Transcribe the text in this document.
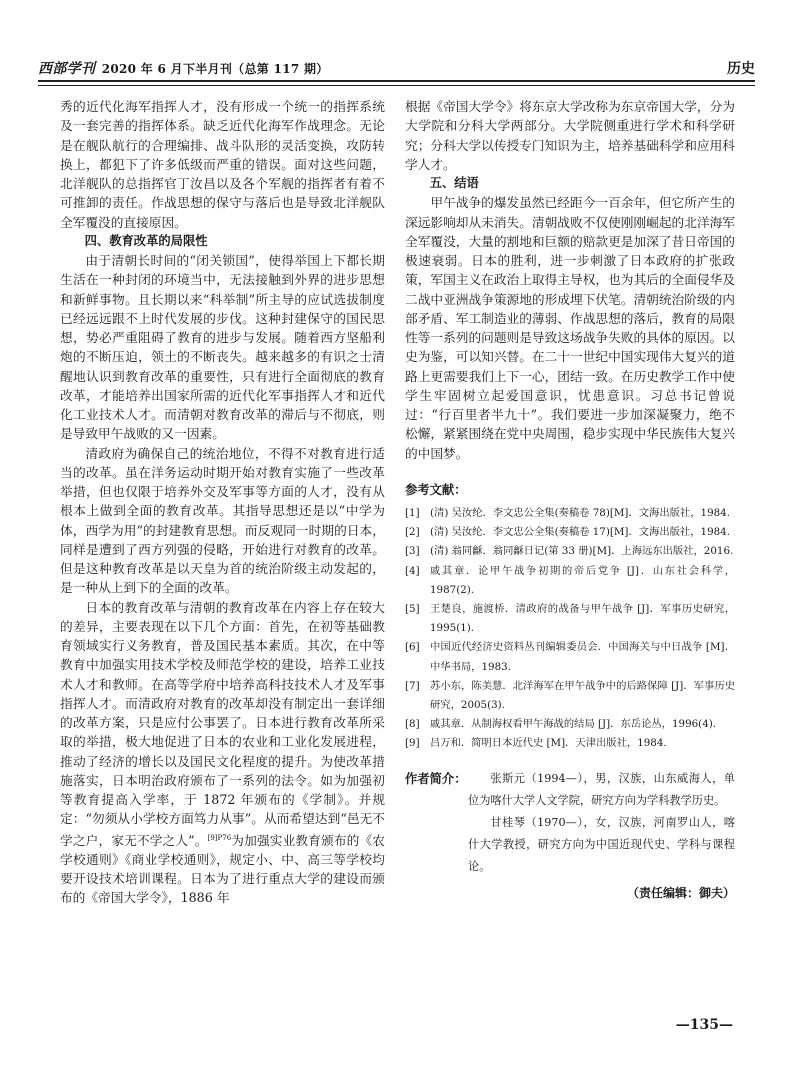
西部学刊 2020 年 6 月下半月刊（总第 117 期）	历史

秀的近代化海军指挥人才，没有形成一个统一的指挥系统及一套完善的指挥体系。缺乏近代化海军作战理念。无论是在舰队航行的合理编排、战斗队形的灵活变换，攻防转换上，都犯下了许多低级而严重的错误。面对这些问题，北洋舰队的总指挥官丁汝昌以及各个军舰的指挥者有着不可推卸的责任。作战思想的保守与落后也是导致北洋舰队全军覆没的直接原因。

四、教育改革的局限性

由于清朝长时间的“闭关锁国”，使得举国上下都长期生活在一种封闭的环境当中，无法接触到外界的进步思想和新鲜事物。且长期以来“科举制”所主导的应试选拔制度已经远远跟不上时代发展的步伐。这种封建保守的国民思想，势必严重阻碍了教育的进步与发展。随着西方坚船利炮的不断压迫，领土的不断丧失。越来越多的有识之士清醒地认识到教育改革的重要性，只有进行全面彻底的教育改革，才能培养出国家所需的近代化军事指挥人才和近代化工业技术人才。而清朝对教育改革的滞后与不彻底，则是导致甲午战败的又一因素。

清政府为确保自己的统治地位，不得不对教育进行适当的改革。虽在洋务运动时期开始对教育实施了一些改革举措，但也仅限于培养外交及军事等方面的人才，没有从根本上做到全面的教育改革。其指导思想还是以“中学为体，西学为用”的封建教育思想。而反观同一时期的日本，同样是遭到了西方列强的侵略，开始进行对教育的改革。但是这种教育改革是以天皇为首的统治阶级主动发起的，是一种从上到下的全面的改革。

日本的教育改革与清朝的教育改革在内容上存在较大的差异，主要表现在以下几个方面：首先，在初等基础教育领域实行义务教育，普及国民基本素质。其次，在中等教育中加强实用技术学校及师范学校的建设，培养工业技术人才和教师。在高等学府中培养高科技技术人才及军事指挥人才。而清政府对教育的改革却没有制定出一套详细的改革方案，只是应付公事罢了。日本进行教育改革所采取的举措，极大地促进了日本的农业和工业化发展进程，推动了经济的增长以及国民文化程度的提升。为使改革措施落实，日本明治政府颁布了一系列的法令。如为加强初等教育提高入学率，于 1872 年颁布的《学制》。并规定：“勿须从小学校方面笃力从事”。从而希望达到“邑无不学之户，家无不学之人”。$^{[9]P76}$为加强实业教育颁布的《农学校通则》《商业学校通则》，规定小、中、高三等学校均要开设技术培训课程。日本为了进行重点大学的建设而颁布的《帝国大学令》，1886 年

根据《帝国大学令》将东京大学改称为东京帝国大学，分为大学院和分科大学两部分。大学院侧重进行学术和科学研究；分科大学以传授专门知识为主，培养基础科学和应用科学人才。

五、结语

甲午战争的爆发虽然已经距今一百余年，但它所产生的深远影响却从未消失。清朝战败不仅使刚刚崛起的北洋海军全军覆没，大量的割地和巨额的赔款更是加深了昔日帝国的极速衰弱。日本的胜利，进一步刺激了日本政府的扩张政策，军国主义在政治上取得主导权，也为其后的全面侵华及二战中亚洲战争策源地的形成埋下伏笔。清朝统治阶级的内部矛盾、军工制造业的薄弱、作战思想的落后，教育的局限性等一系列的问题则是导致这场战争失败的具体的原因。以史为鉴，可以知兴替。在二十一世纪中国实现伟大复兴的道路上更需要我们上下一心，团结一致。在历史教学工作中使学生牢固树立起爱国意识，忧患意识。习总书记曾说过：“行百里者半九十”。我们要进一步加深凝聚力，绝不松懈，紧紧围绕在党中央周围，稳步实现中华民族伟大复兴的中国梦。

参考文献：
[1] (清) 吴汝纶．李文忠公全集(奏稿卷 78)[M]．文海出版社，1984.
[2] (清) 吴汝纶．李文忠公全集(奏稿卷 17)[M]．文海出版社，1984.
[3] (清) 翁同龢．翁同龢日记(第 33 册)[M]．上海远东出版社，2016.
[4] 戚其章．论甲午战争初期的帝后党争 [J]．山东社会科学，1987(2).
[5] 王楚良，施渡桥．清政府的战备与甲午战争 [J]．军事历史研究，1995(1).
[6] 中国近代经济史资料丛刊编辑委员会．中国海关与中日战争 [M]．中华书局，1983.
[7] 苏小东，陈美慧．北洋海军在甲午战争中的后路保障 [J]．军事历史研究，2005(3).
[8] 戚其章．从制海权看甲午海战的结局 [J]．东岳论丛，1996(4).
[9] 吕万和．简明日本近代史 [M]．天津出版社，1984.
作者简介：	张斯元（1994—），男，汉族，山东威海人，单位为喀什大学人文学院，研究方向为学科教学历史。

甘桂琴（1970—），女，汉族，河南罗山人，喀什大学教授，研究方向为中国近现代史、学科与课程论。

（责任编辑：御夫）
—135—
